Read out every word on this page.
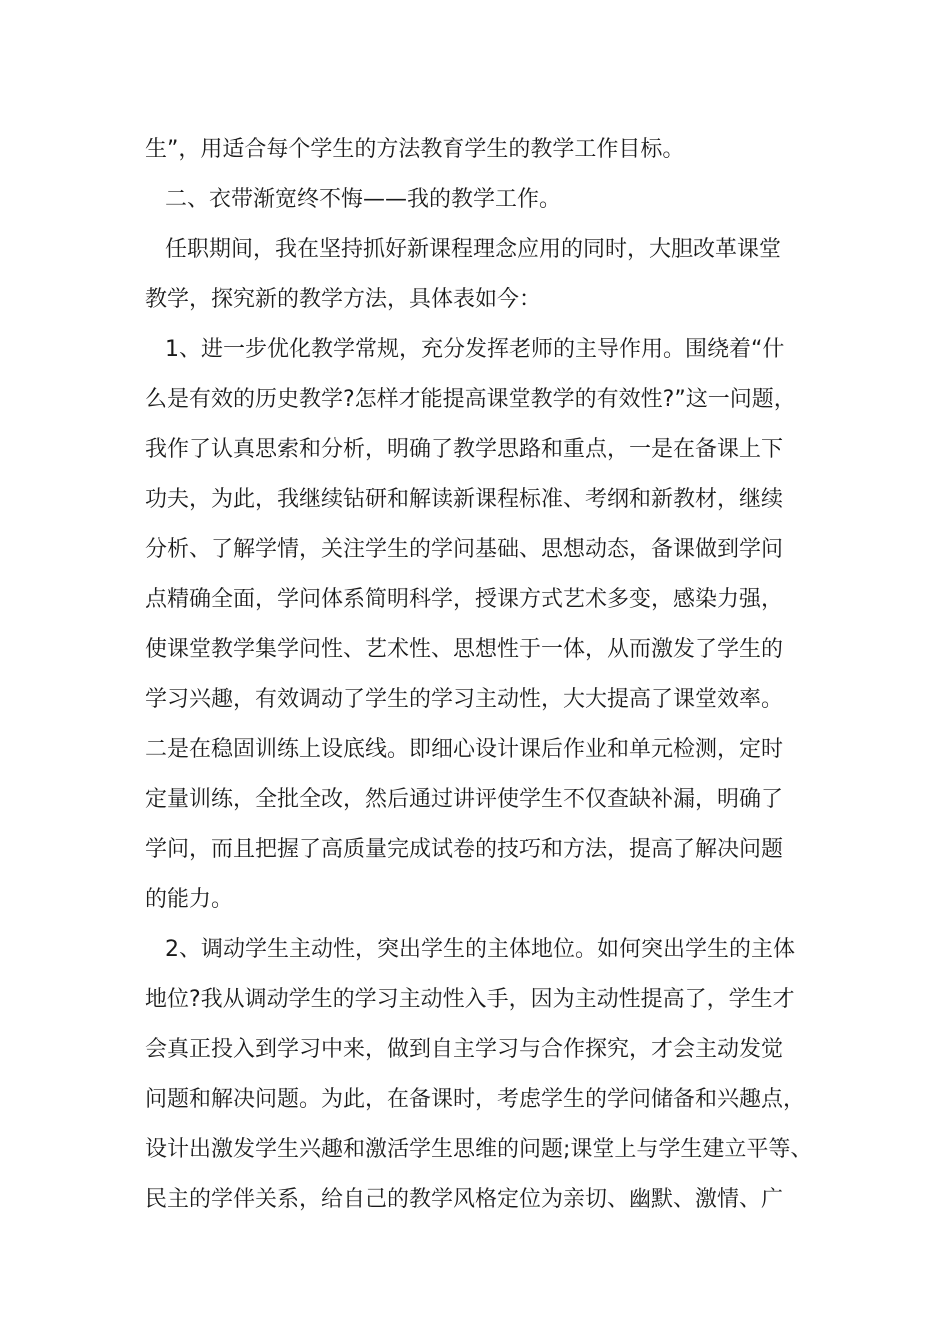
生”，用适合每个学生的方法教育学生的教学工作目标。

二、衣带渐宽终不悔——我的教学工作。

任职期间，我在坚持抓好新课程理念应用的同时，大胆改革课堂

教学，探究新的教学方法，具体表如今：

1、进一步优化教学常规，充分发挥老师的主导作用。围绕着“什

么是有效的历史教学?怎样才能提高课堂教学的有效性?”这一问题，

我作了认真思索和分析，明确了教学思路和重点，一是在备课上下

功夫，为此，我继续钻研和解读新课程标准、考纲和新教材，继续

分析、了解学情，关注学生的学问基础、思想动态，备课做到学问

点精确全面，学问体系简明科学，授课方式艺术多变，感染力强，

使课堂教学集学问性、艺术性、思想性于一体，从而激发了学生的

学习兴趣，有效调动了学生的学习主动性，大大提高了课堂效率。

二是在稳固训练上设底线。即细心设计课后作业和单元检测，定时

定量训练，全批全改，然后通过讲评使学生不仅查缺补漏，明确了

学问，而且把握了高质量完成试卷的技巧和方法，提高了解决问题

的能力。

2、调动学生主动性，突出学生的主体地位。如何突出学生的主体

地位?我从调动学生的学习主动性入手，因为主动性提高了，学生才

会真正投入到学习中来，做到自主学习与合作探究，才会主动发觉

问题和解决问题。为此，在备课时，考虑学生的学问储备和兴趣点，

设计出激发学生兴趣和激活学生思维的问题;课堂上与学生建立平等、

民主的学伴关系，给自己的教学风格定位为亲切、幽默、激情、广
